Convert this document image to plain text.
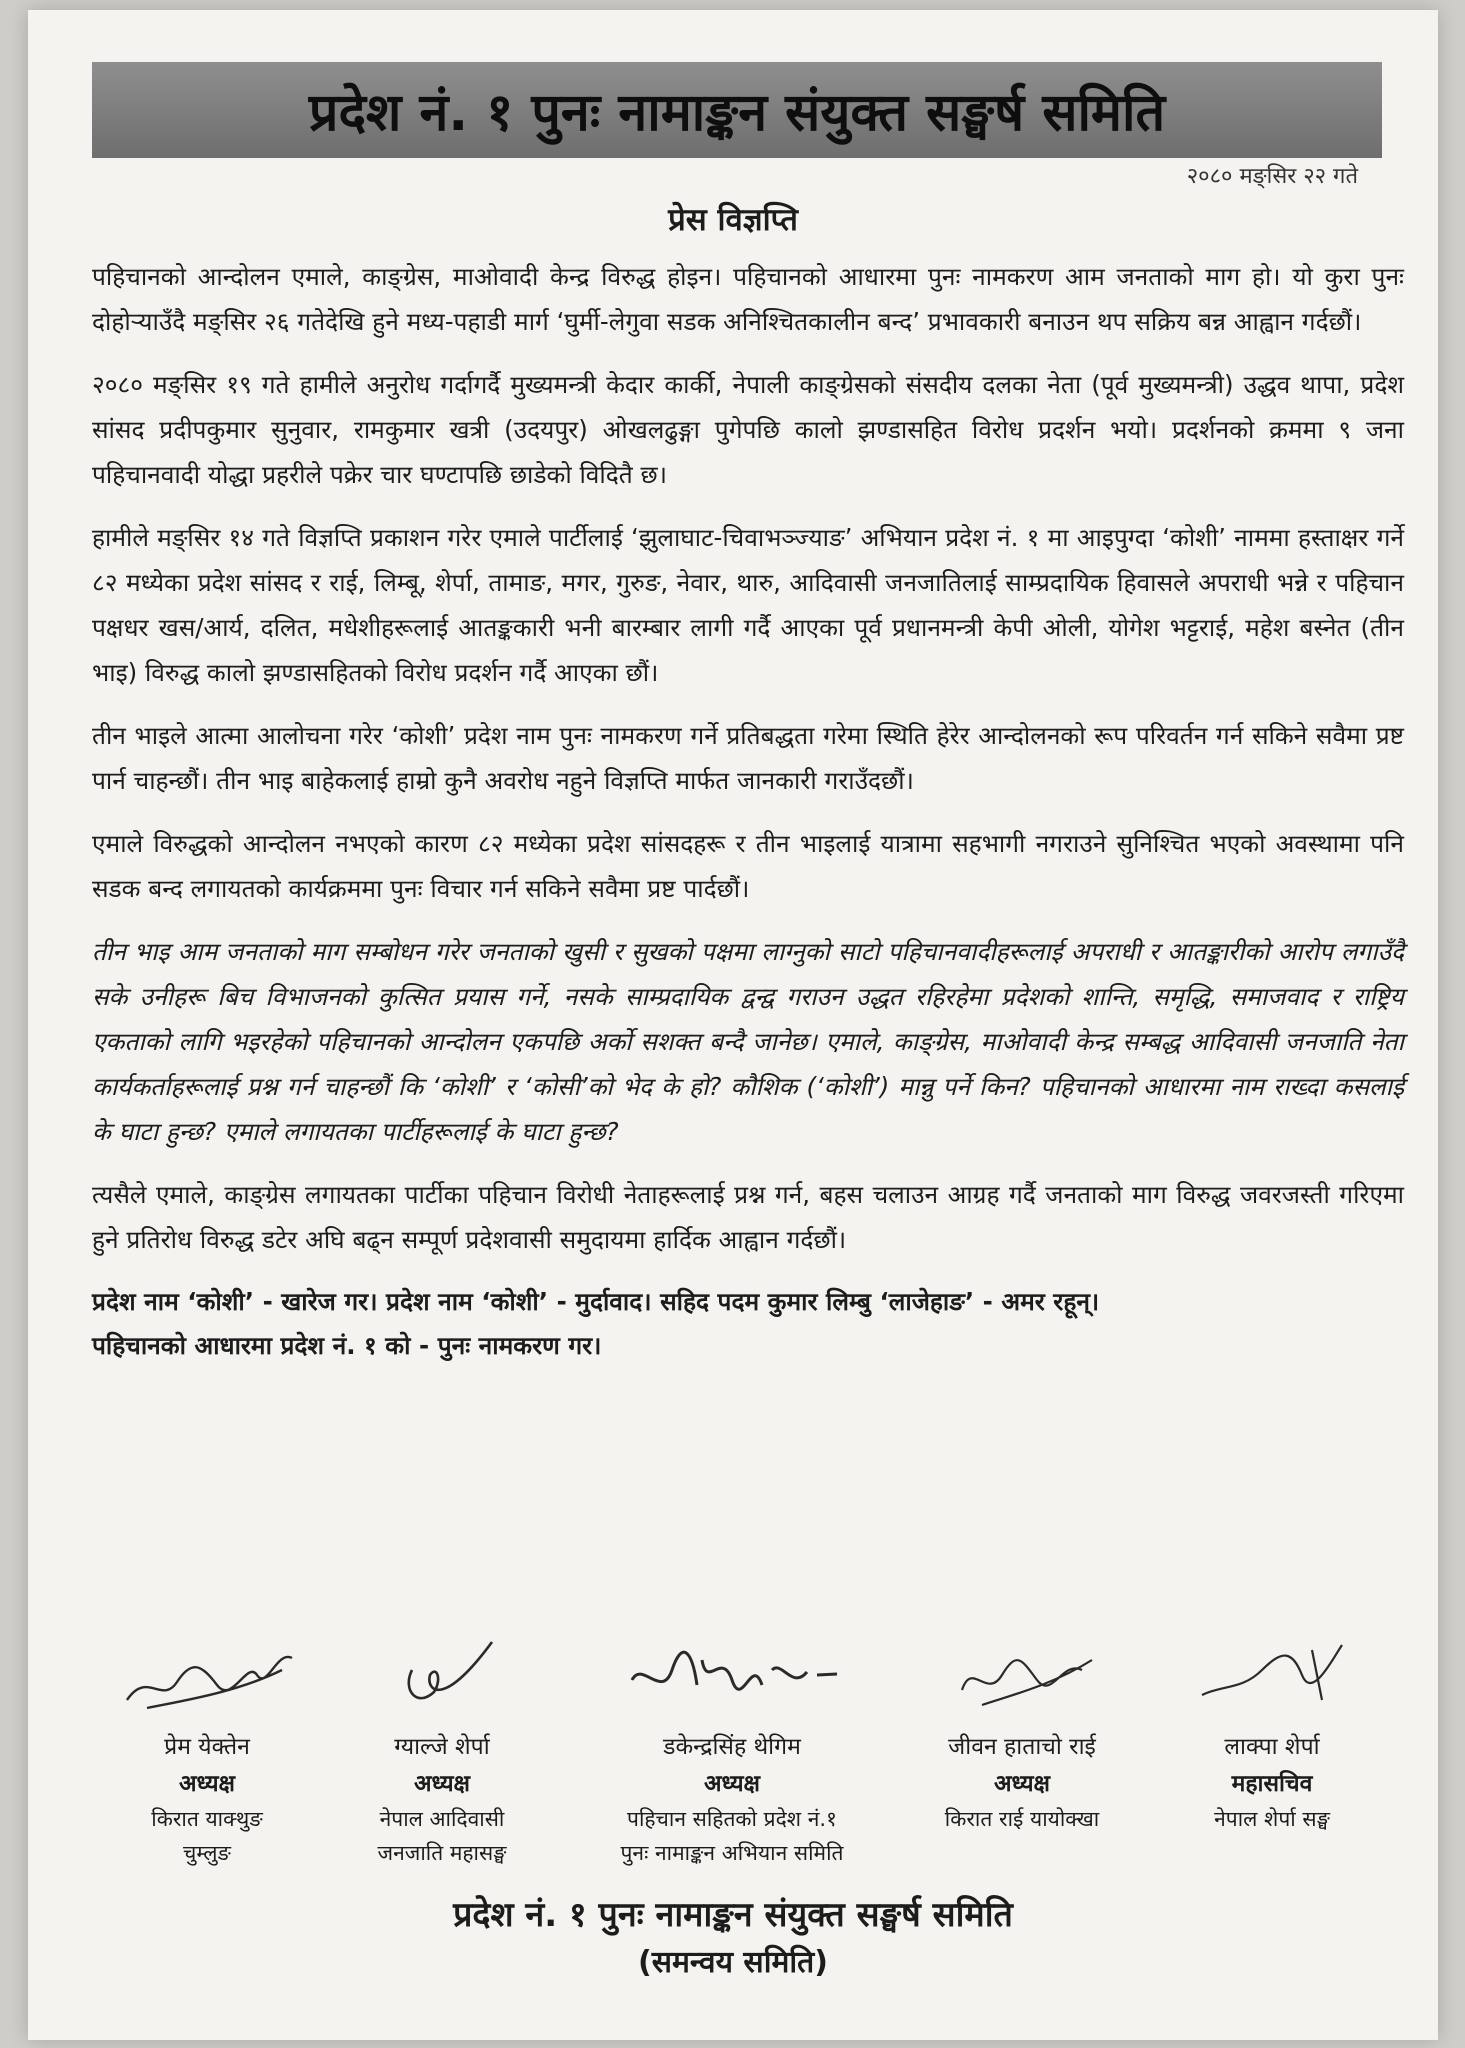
प्रदेश नं. १ पुनः नामाङ्कन संयुक्त सङ्घर्ष समिति
२०८० मङ्सिर २२ गते
प्रेस विज्ञप्ति

पहिचानको आन्दोलन एमाले, काङ्ग्रेस, माओवादी केन्द्र विरुद्ध होइन। पहिचानको आधारमा पुनः नामकरण आम जनताको माग हो। यो कुरा पुनः दोहोऱ्याउँदै मङ्सिर २६ गतेदेखि हुने मध्य-पहाडी मार्ग ‘घुर्मी-लेगुवा सडक अनिश्चितकालीन बन्द’ प्रभावकारी बनाउन थप सक्रिय बन्न आह्वान गर्दछौं।

२०८० मङ्सिर १९ गते हामीले अनुरोध गर्दागर्दै मुख्यमन्त्री केदार कार्की, नेपाली काङ्ग्रेसको संसदीय दलका नेता (पूर्व मुख्यमन्त्री) उद्धव थापा, प्रदेश सांसद प्रदीपकुमार सुनुवार, रामकुमार खत्री (उदयपुर) ओखलढुङ्गा पुगेपछि कालो झण्डासहित विरोध प्रदर्शन भयो। प्रदर्शनको क्रममा ९ जना पहिचानवादी योद्धा प्रहरीले पक्रेर चार घण्टापछि छाडेको विदितै छ।

हामीले मङ्सिर १४ गते विज्ञप्ति प्रकाशन गरेर एमाले पार्टीलाई ‘झुलाघाट-चिवाभञ्ज्याङ’ अभियान प्रदेश नं. १ मा आइपुग्दा ‘कोशी’ नाममा हस्ताक्षर गर्ने ८२ मध्येका प्रदेश सांसद र राई, लिम्बू, शेर्पा, तामाङ, मगर, गुरुङ, नेवार, थारु, आदिवासी जनजातिलाई साम्प्रदायिक हिवासले अपराधी भन्ने र पहिचान पक्षधर खस/आर्य, दलित, मधेशीहरूलाई आतङ्ककारी भनी बारम्बार लागी गर्दै आएका पूर्व प्रधानमन्त्री केपी ओली, योगेश भट्टराई, महेश बस्नेत (तीन भाइ) विरुद्ध कालो झण्डासहितको विरोध प्रदर्शन गर्दै आएका छौं।

तीन भाइले आत्मा आलोचना गरेर ‘कोशी’ प्रदेश नाम पुनः नामकरण गर्ने प्रतिबद्धता गरेमा स्थिति हेरेर आन्दोलनको रूप परिवर्तन गर्न सकिने सवैमा प्रष्ट पार्न चाहन्छौं। तीन भाइ बाहेकलाई हाम्रो कुनै अवरोध नहुने विज्ञप्ति मार्फत जानकारी गराउँदछौं।

एमाले विरुद्धको आन्दोलन नभएको कारण ८२ मध्येका प्रदेश सांसदहरू र तीन भाइलाई यात्रामा सहभागी नगराउने सुनिश्चित भएको अवस्थामा पनि सडक बन्द लगायतको कार्यक्रममा पुनः विचार गर्न सकिने सवैमा प्रष्ट पार्दछौं।

तीन भाइ आम जनताको माग सम्बोधन गरेर जनताको खुसी र सुखको पक्षमा लाग्नुको साटो पहिचानवादीहरूलाई अपराधी र आतङ्कारीको आरोप लगाउँदै सके उनीहरू बिच विभाजनको कुत्सित प्रयास गर्ने, नसके साम्प्रदायिक द्वन्द्व गराउन उद्धत रहिरहेमा प्रदेशको शान्ति, समृद्धि, समाजवाद र राष्ट्रिय एकताको लागि भइरहेको पहिचानको आन्दोलन एकपछि अर्को सशक्त बन्दै जानेछ। एमाले, काङ्ग्रेस, माओवादी केन्द्र सम्बद्ध आदिवासी जनजाति नेता कार्यकर्ताहरूलाई प्रश्न गर्न चाहन्छौं कि ‘कोशी’ र ‘कोसी’को भेद के हो? कौशिक (‘कोशी’) मान्नु पर्ने किन? पहिचानको आधारमा नाम राख्दा कसलाई के घाटा हुन्छ? एमाले लगायतका पार्टीहरूलाई के घाटा हुन्छ?

त्यसैले एमाले, काङ्ग्रेस लगायतका पार्टीका पहिचान विरोधी नेताहरूलाई प्रश्न गर्न, बहस चलाउन आग्रह गर्दै जनताको माग विरुद्ध जवरजस्ती गरिएमा हुने प्रतिरोध विरुद्ध डटेर अघि बढ्न सम्पूर्ण प्रदेशवासी समुदायमा हार्दिक आह्वान गर्दछौं।

प्रदेश नाम ‘कोशी’ - खारेज गर। प्रदेश नाम ‘कोशी’ - मुर्दावाद। सहिद पदम कुमार लिम्बु ‘लाजेहाङ’ - अमर रहून्।
पहिचानको आधारमा प्रदेश नं. १ को - पुनः नामकरण गर।
प्रेम येक्तेन
अध्यक्ष
किरात याक्थुङ
चुम्लुङ
ग्याल्जे शेर्पा
अध्यक्ष
नेपाल आदिवासी
जनजाति महासङ्घ
डकेन्द्रसिंह थेगिम
अध्यक्ष
पहिचान सहितको प्रदेश नं.१
पुनः नामाङ्कन अभियान समिति
जीवन हाताचो राई
अध्यक्ष
किरात राई यायोक्खा
लाक्पा शेर्पा
महासचिव
नेपाल शेर्पा सङ्घ
प्रदेश नं. १ पुनः नामाङ्कन संयुक्त सङ्घर्ष समिति
(समन्वय समिति)
